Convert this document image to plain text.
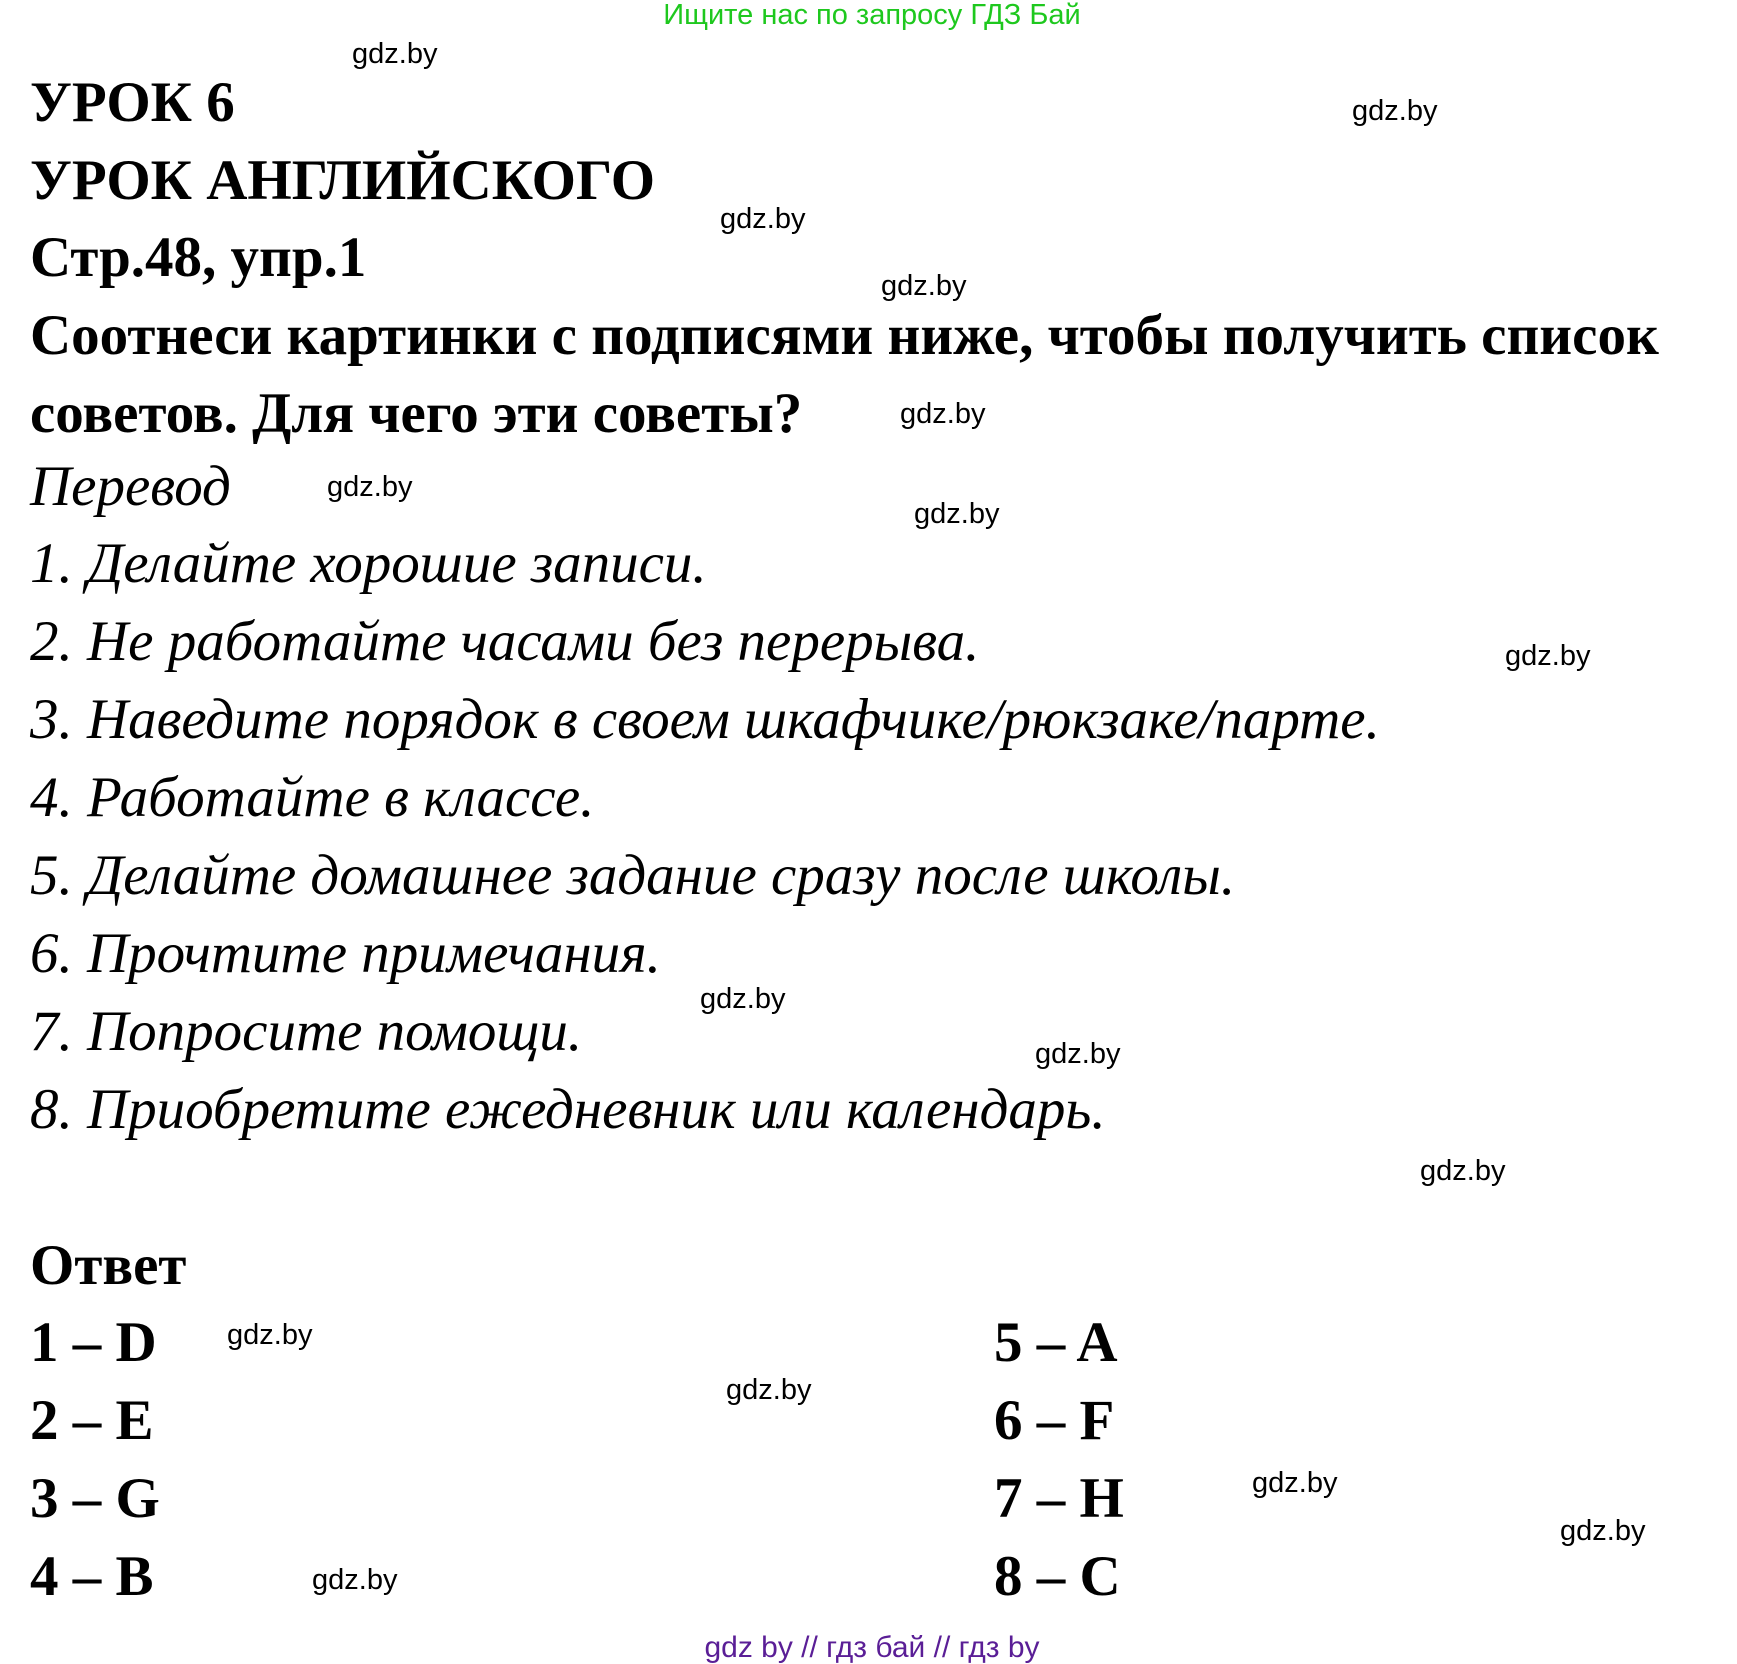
Ищите нас по запросу ГДЗ Бай
УРОК 6
УРОК АНГЛИЙСКОГО
Стр.48, упр.1
Соотнеси картинки с подписями ниже, чтобы получить список
советов. Для чего эти советы?
Перевод
1. Делайте хорошие записи.
2. Не работайте часами без перерыва.
3. Наведите порядок в своем шкафчике/рюкзаке/парте.
4. Работайте в классе.
5. Делайте домашнее задание сразу после школы.
6. Прочтите примечания.
7. Попросите помощи.
8. Приобретите ежедневник или календарь.
Ответ
1 – D
2 – E
3 – G
4 – B
5 – A
6 – F
7 – H
8 – C
gdz.by
gdz.by
gdz.by
gdz.by
gdz.by
gdz.by
gdz.by
gdz.by
gdz.by
gdz.by
gdz.by
gdz.by
gdz.by
gdz.by
gdz.by
gdz.by
gdz by // гдз бай // гдз by
